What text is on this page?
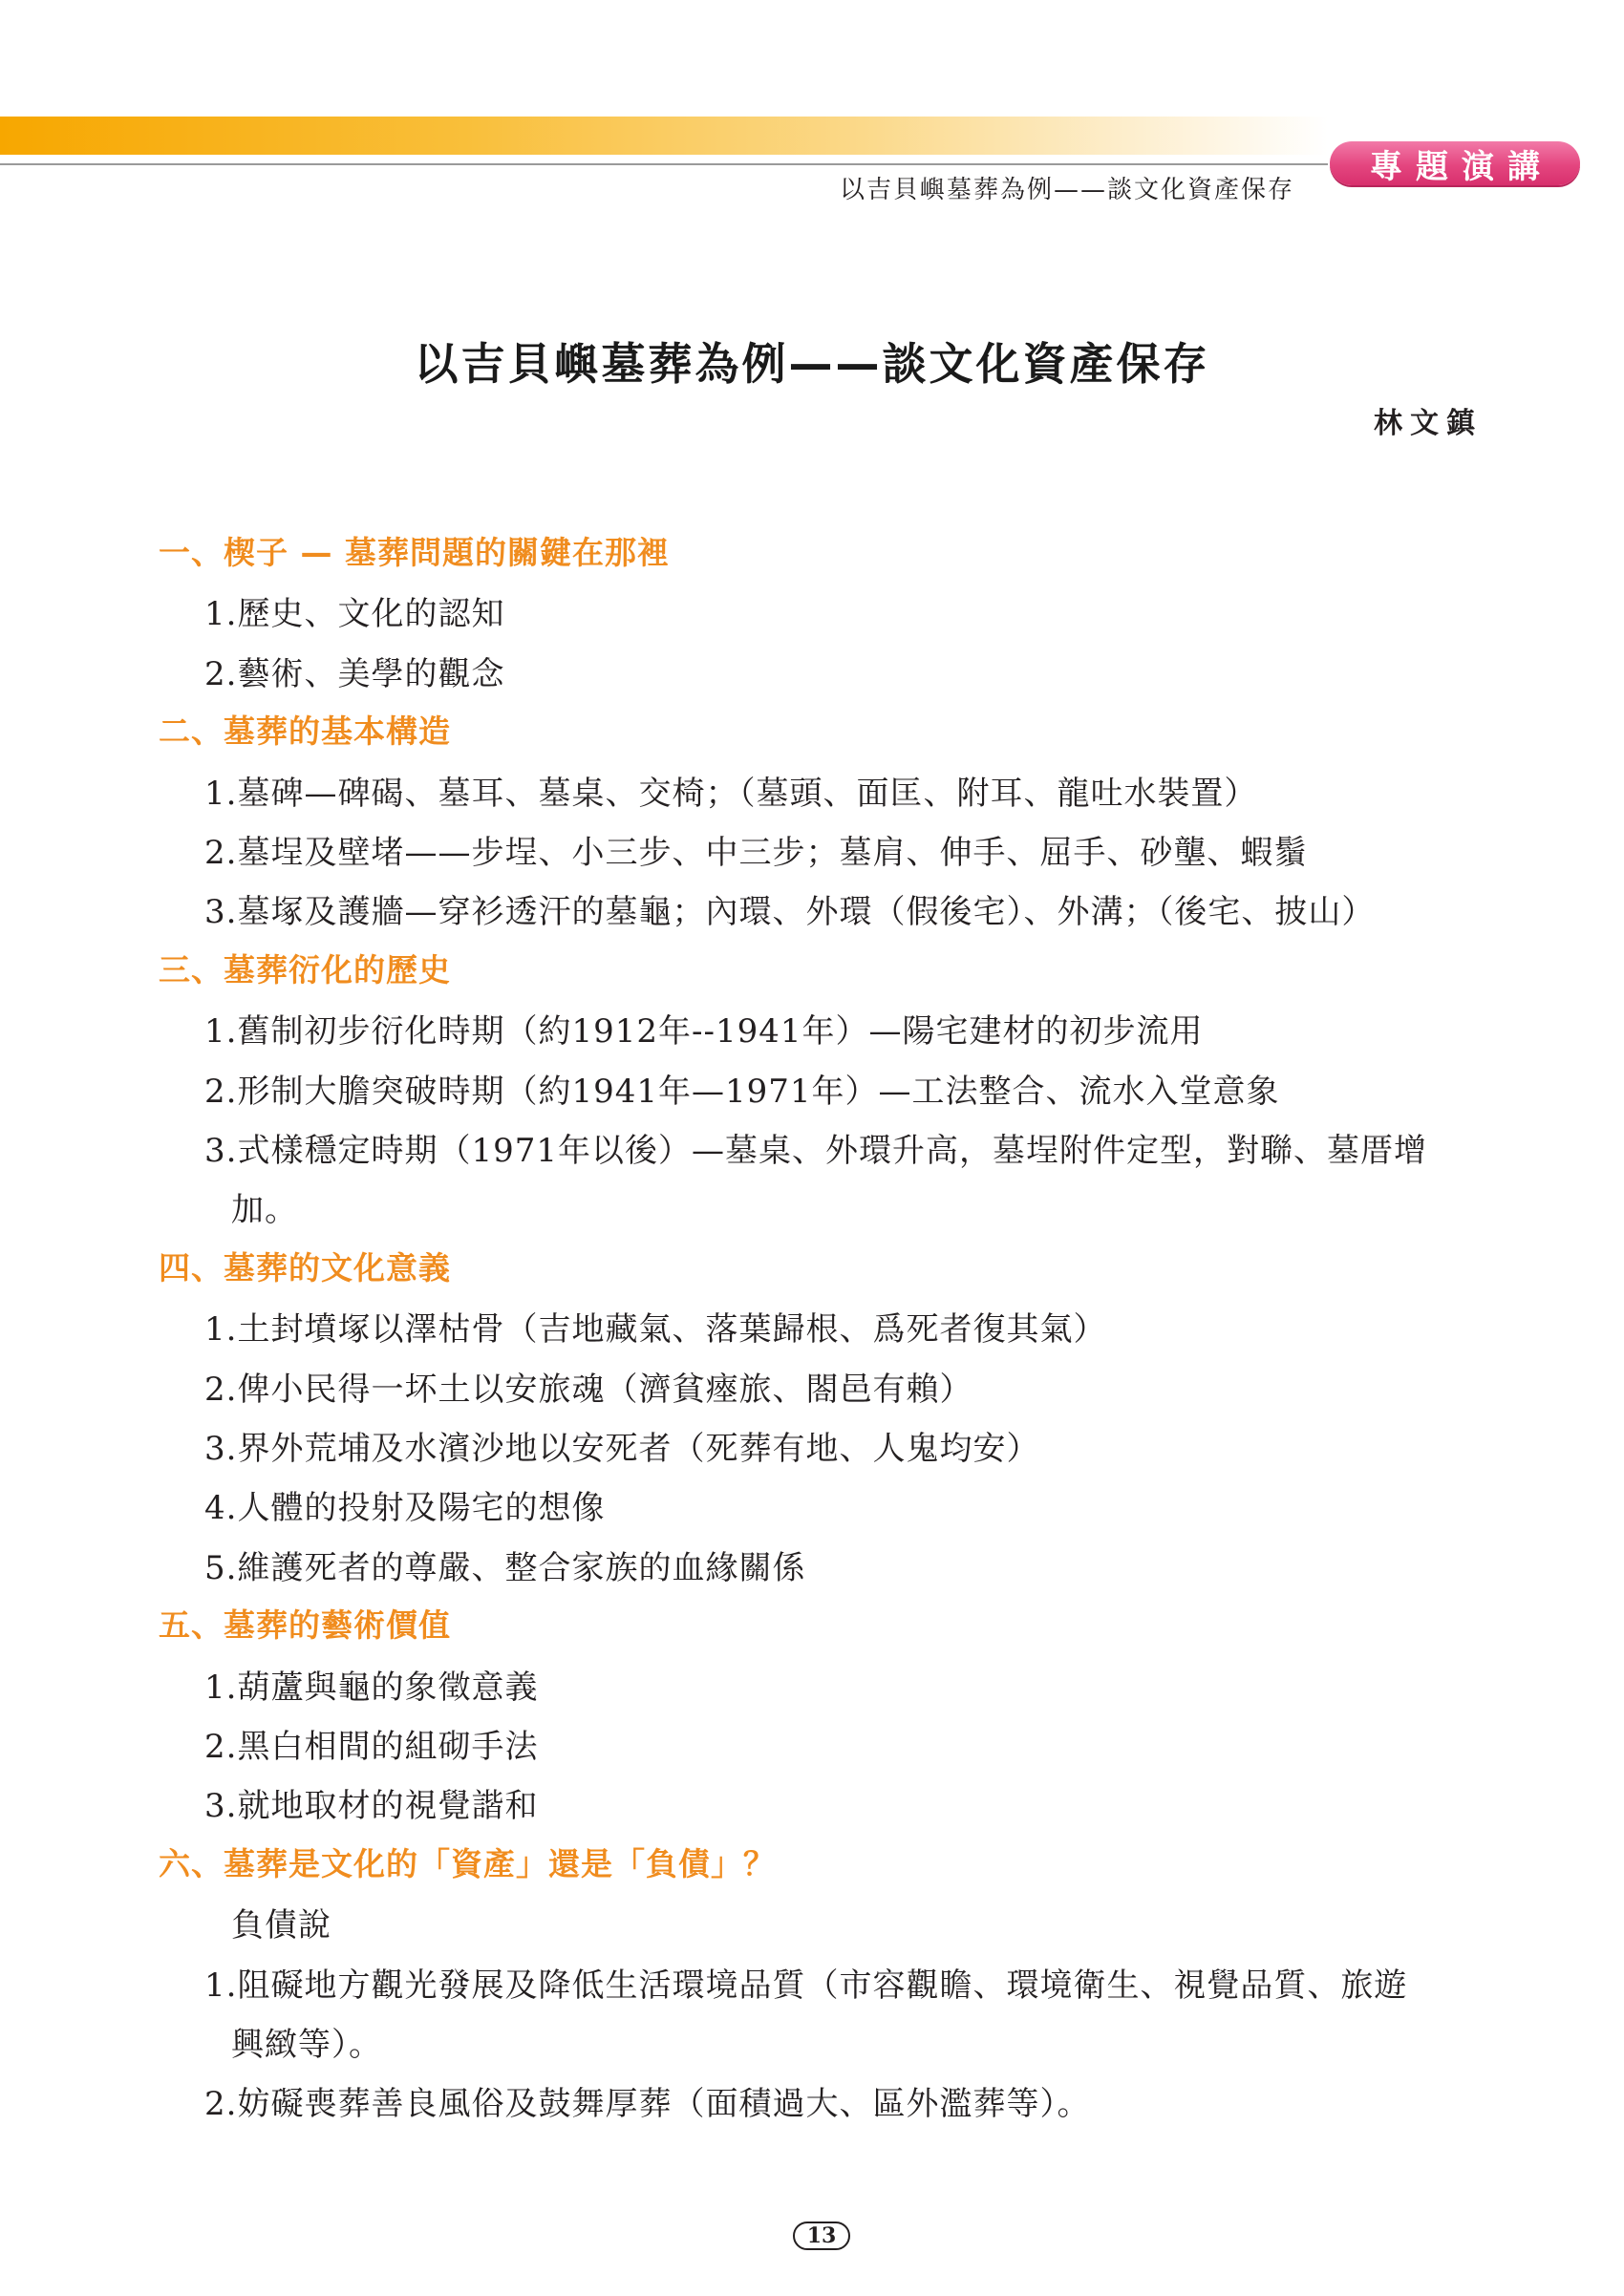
專題演講
以吉貝嶼墓葬為例——談文化資產保存
以吉貝嶼墓葬為例——談文化資產保存
林文鎮
一、楔子 — 墓葬問題的關鍵在那裡
1.歷史、文化的認知
2.藝術、美學的觀念
二、墓葬的基本構造
1.墓碑—碑碣、墓耳、墓桌、交椅；（墓頭、面匡、附耳、龍吐水裝置）
2.墓埕及壁堵——步埕、小三步、中三步；墓肩、伸手、屈手、砂壟、蝦鬚
3.墓塚及護牆—穿衫透汗的墓龜；內環、外環（假後宅）、外溝；（後宅、披山）
三、墓葬衍化的歷史
1.舊制初步衍化時期（約1912年--1941年）—陽宅建材的初步流用
2.形制大膽突破時期（約1941年—1971年）—工法整合、流水入堂意象
3.式樣穩定時期（1971年以後）—墓桌、外環升高，墓埕附件定型，對聯、墓厝增
加。
四、墓葬的文化意義
1.土封墳塚以澤枯骨（吉地藏氣、落葉歸根、爲死者復其氣）
2.俾小民得一坏土以安旅魂（濟貧瘞旅、閤邑有賴）
3.界外荒埔及水濱沙地以安死者（死葬有地、人鬼均安）
4.人體的投射及陽宅的想像
5.維護死者的尊嚴、整合家族的血緣關係
五、墓葬的藝術價值
1.葫蘆與龜的象徵意義
2.黑白相間的組砌手法
3.就地取材的視覺諧和
六、墓葬是文化的「資產」還是「負債」？
負債說
1.阻礙地方觀光發展及降低生活環境品質（市容觀瞻、環境衛生、視覺品質、旅遊
興緻等）。
2.妨礙喪葬善良風俗及鼓舞厚葬（面積過大、區外濫葬等）。
13
